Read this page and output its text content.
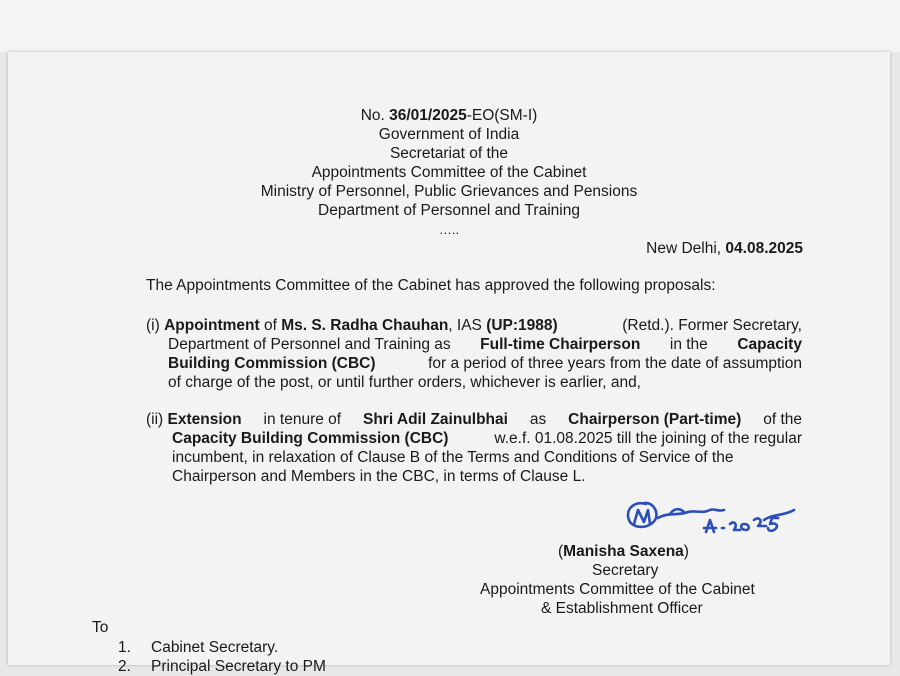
No. 36/01/2025-EO(SM-I)
Government of India
Secretariat of the
Appointments Committee of the Cabinet
Ministry of Personnel, Public Grievances and Pensions
Department of Personnel and Training
…..
New Delhi, 04.08.2025
The Appointments Committee of the Cabinet has approved the following proposals:
(i) Appointment of Ms. S. Radha Chauhan, IAS (UP:1988)	(Retd.). Former Secretary,
Department of Personnel and Training as Full-time Chairperson in the Capacity
Building Commission (CBC)	for a period of three years from the date of assumption
of charge of the post, or until further orders, whichever is earlier, and,
(ii) Extension in tenure of Shri Adil Zainulbhai as Chairperson (Part-time) of the
Capacity Building Commission (CBC)	w.e.f. 01.08.2025 till the joining of the regular
incumbent, in relaxation of Clause B of the Terms and Conditions of Service of the
Chairperson and Members in the CBC, in terms of Clause L.
(Manisha Saxena)
Secretary
Appointments Committee of the Cabinet
& Establishment Officer
To
1. Cabinet Secretary.
2. Principal Secretary to PM
